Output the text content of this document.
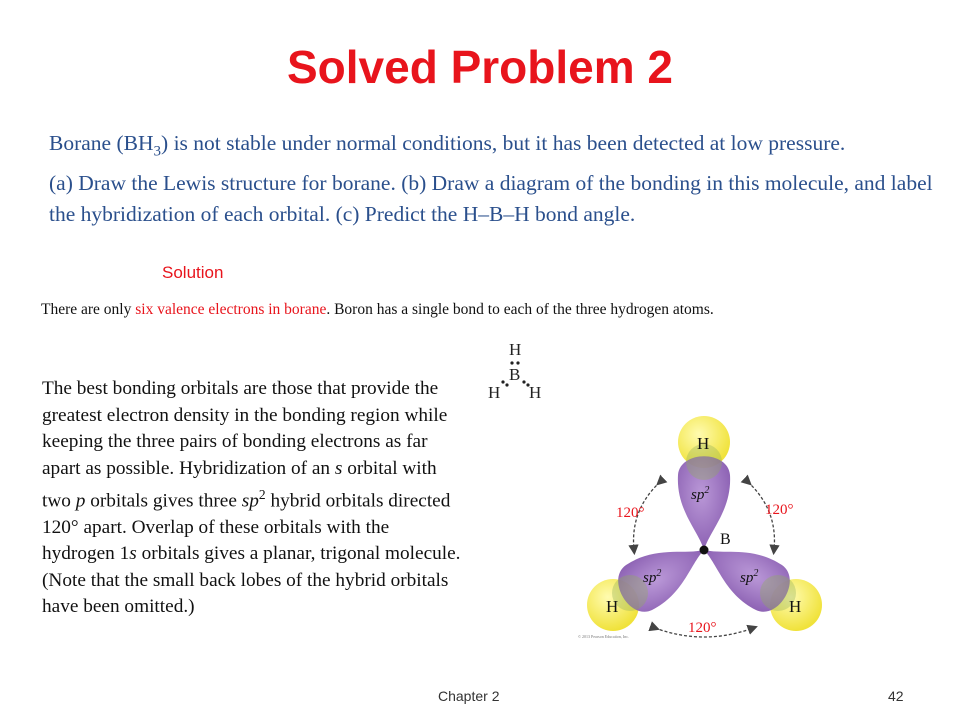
Solved Problem 2
Borane $(BH_3)$ is not stable under normal conditions, but it has been detected at low pressure.
(a) Draw the Lewis structure for borane. (b) Draw a diagram of the bonding in this molecule, and label the hybridization of each orbital. (c) Predict the H–B–H bond angle.
Solution
There are only six valence electrons in borane. Boron has a single bond to each of the three hydrogen atoms.
The best bonding orbitals are those that provide the greatest electron density in the bonding region while keeping the three pairs of bonding electrons as far apart as possible. Hybridization of an s orbital with two p orbitals gives three $sp^2$ hybrid orbitals directed 120° apart. Overlap of these orbitals with the hydrogen 1s orbitals gives a planar, trigonal molecule. (Note that the small back lobes of the hybrid orbitals have been omitted.)
H
B
H H
B
H
H	H
$sp^2$
$sp^2$	$sp^2$
120°	120°
120°
© 2013 Pearson Education, Inc.
Chapter 2	42
